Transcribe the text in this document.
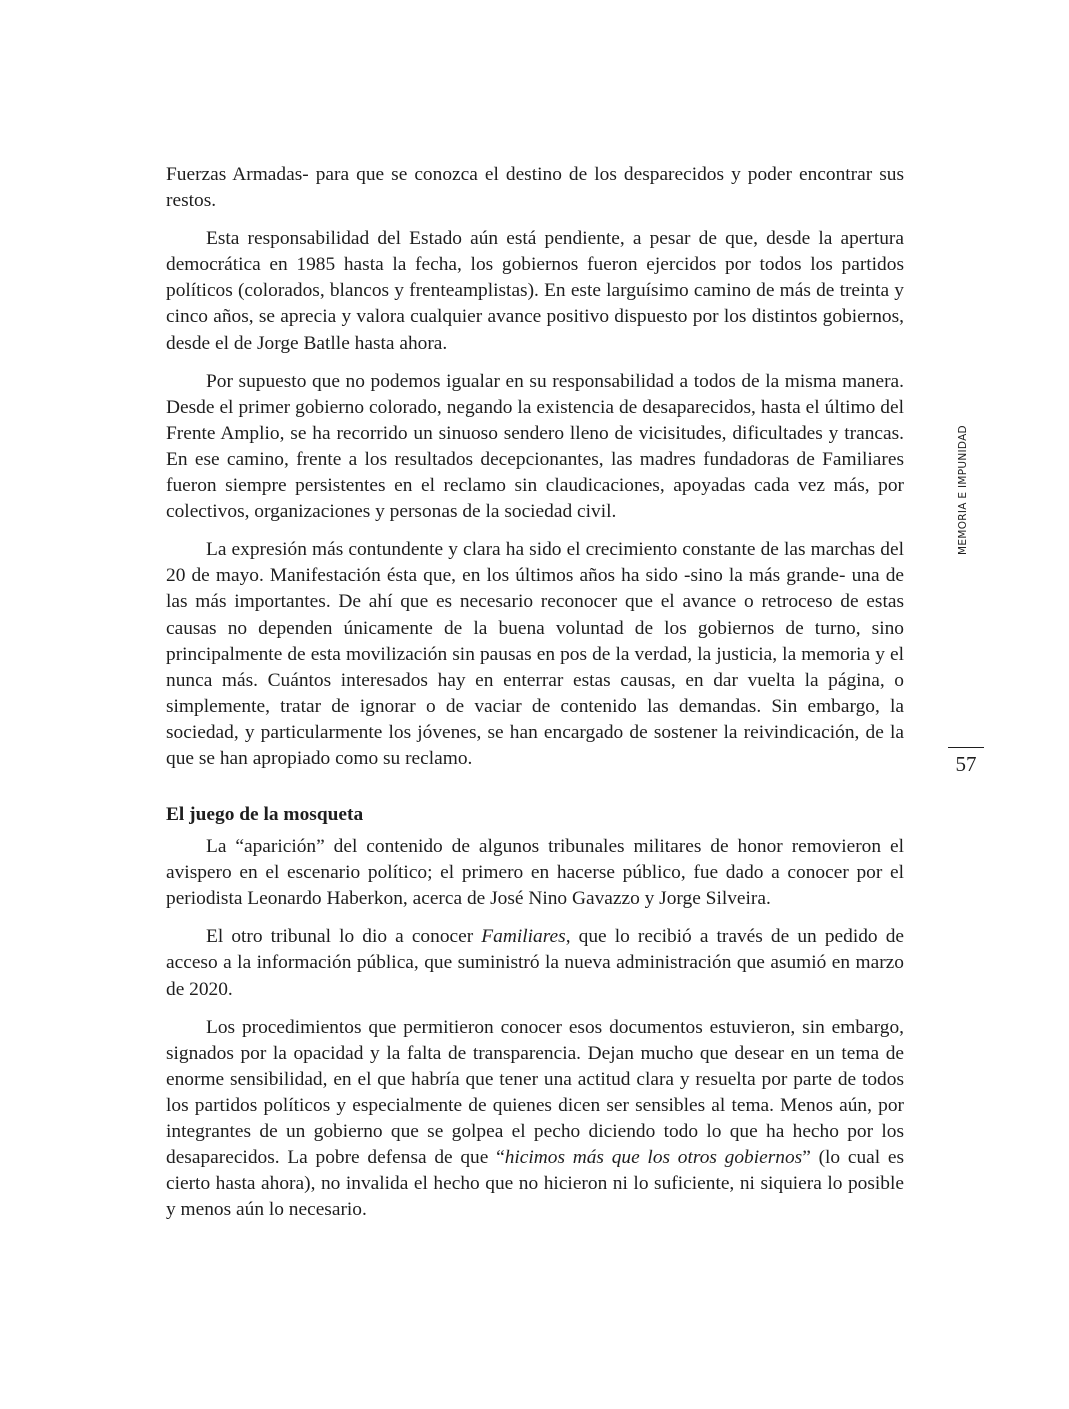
Fuerzas Armadas- para que se conozca el destino de los desparecidos y poder encontrar sus restos.

Esta responsabilidad del Estado aún está pendiente, a pesar de que, desde la apertura democrática en 1985 hasta la fecha, los gobiernos fueron ejercidos por todos los partidos políticos (colorados, blancos y frenteamplistas). En este larguísimo camino de más de treinta y cinco años, se aprecia y valora cualquier avance positivo dispuesto por los distintos gobiernos, desde el de Jorge Batlle hasta ahora.

Por supuesto que no podemos igualar en su responsabilidad a todos de la misma manera. Desde el primer gobierno colorado, negando la existencia de desaparecidos, hasta el último del Frente Amplio, se ha recorrido un sinuoso sendero lleno de vicisitudes, dificultades y trancas. En ese camino, frente a los resultados decepcionantes, las madres fundadoras de Familiares fueron siempre persistentes en el reclamo sin claudicaciones, apoyadas cada vez más, por colectivos, organizaciones y personas de la sociedad civil.

La expresión más contundente y clara ha sido el crecimiento constante de las marchas del 20 de mayo. Manifestación ésta que, en los últimos años ha sido -sino la más grande- una de las más importantes. De ahí que es necesario reconocer que el avance o retroceso de estas causas no dependen únicamente de la buena voluntad de los gobiernos de turno, sino principalmente de esta movilización sin pausas en pos de la verdad, la justicia, la memoria y el nunca más. Cuántos interesados hay en enterrar estas causas, en dar vuelta la página, o simplemente, tratar de ignorar o de vaciar de contenido las demandas. Sin embargo, la sociedad, y particularmente los jóvenes, se han encargado de sostener la reivindicación, de la que se han apropiado como su reclamo.

El juego de la mosqueta

La “aparición” del contenido de algunos tribunales militares de honor removieron el avispero en el escenario político; el primero en hacerse público, fue dado a conocer por el periodista Leonardo Haberkon, acerca de José Nino Gavazzo y Jorge Silveira.

El otro tribunal lo dio a conocer Familiares, que lo recibió a través de un pedido de acceso a la información pública, que suministró la nueva administración que asumió en marzo de 2020.

Los procedimientos que permitieron conocer esos documentos estuvieron, sin embargo, signados por la opacidad y la falta de transparencia. Dejan mucho que desear en un tema de enorme sensibilidad, en el que habría que tener una actitud clara y resuelta por parte de todos los partidos políticos y especialmente de quienes dicen ser sensibles al tema. Menos aún, por integrantes de un gobierno que se golpea el pecho diciendo todo lo que ha hecho por los desaparecidos. La pobre defensa de que “hicimos más que los otros gobiernos” (lo cual es cierto hasta ahora), no invalida el hecho que no hicieron ni lo suficiente, ni siquiera lo posible y menos aún lo necesario.

MEMORIA E IMPUNIDAD
57
